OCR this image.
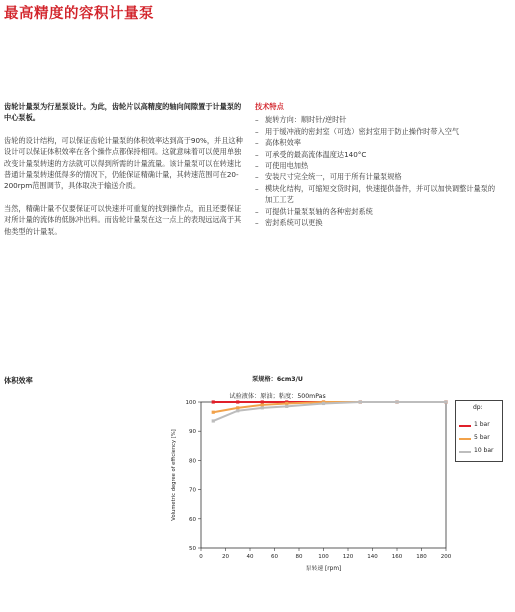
最高精度的容积计量泵

齿轮计量泵为行星泵设计。为此，齿轮片以高精度的轴向间隙置于计量泵的中心泵板。

齿轮的设计结构，可以保证齿轮计量泵的体积效率达到高于90%，并且这种设计可以保证体积效率在各个操作点都保持相同。这就意味着可以使用单独改变计量泵转速的方法就可以得到所需的计量流量。该计量泵可以在转速比普通计量泵转速低得多的情况下，仍能保证精确计量，其转速范围可在20-200rpm范围调节，具体取决于输送介质。

当然，精确计量不仅要保证可以快速并可重复的找到操作点，而且还要保证对所计量的流体的低脉冲出料。而齿轮计量泵在这一点上的表现远远高于其他类型的计量泵。

技术特点
– 旋转方向：顺时针/逆时针
– 用于缓冲液的密封室（可选）密封室用于防止操作时带入空气
– 高体积效率
– 可承受的最高流体温度达140°C
– 可使用电加热
– 安装尺寸完全统一，可用于所有计量泵规格
– 模块化结构，可缩短交货时间，快速提供备件，并可以加快调整计量泵的加工工艺
– 可提供计量泵泵轴的各种密封系统
– 密封系统可以更换
体积效率	泵规格：6cm3/U
试验液体：原油；粘度：500mPas
0	20	40	60	80	100	120	140	160	180	200
50
60
70
80
90
100
泵转速 [rpm]
Volumetric degree of efficiency [%]
dp:
1 bar
5 bar
10 bar
